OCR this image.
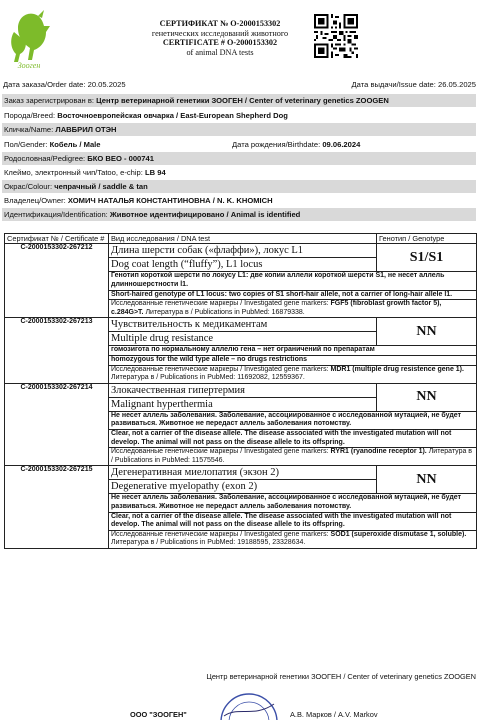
Зооген
СЕРТИФИКАТ № O-2000153302
генетических исследований животного
CERTIFICATE # O-2000153302
of animal DNA tests
Дата заказа/Order date: 20.05.2025	Дата выдачи/Issue date: 26.05.2025
Заказ зарегистрирован в: Центр ветеринарной генетики ЗООГЕН / Center of veterinary genetics ZOOGEN
Порода/Breed: Восточноевропейская овчарка / East-European Shepherd Dog
Кличка/Name: ЛАВБРИЛ ОТЭН
Пол/Gender: Кобель / Male	Дата рождения/Birthdate: 09.06.2024
Родословная/Pedigree: БКО ВЕО - 000741
Клеймо, электронный чип/Tatoo, e-chip: LB 94
Окрас/Colour: чепрачный / saddle & tan
Владелец/Owner: ХОМИЧ НАТАЛЬЯ КОНСТАНТИНОВНА / N. K. KHOMICH
Идентификация/Identification: Животное идентифицировано / Animal is identified
Сертификат № / Certificate #	Вид исследования / DNA test	Генотип / Genotype
C-2000153302-267212	Длина шерсти собак («флаффи»), локус L1	S1/S1
	Dog coat length (“fluffy”), L1 locus	
	Генотип короткой шерсти по локусу L1: две копии аллели короткой шерсти S1, не несет аллель длинношерстности l1.	
	Short-haired genotype of L1 locus: two copies of S1 short-hair allele, not a carrier of long-hair allele l1.	
	Исследованные генетические маркеры / Investigated gene markers: FGF5 (fibroblast growth factor 5), c.284G>T. Литература в / Publications in PubMed: 16879338.	
C-2000153302-267213	Чувствительность к медикаментам	NN
	Multiple drug resistance	
	гомозигота по нормальному аллелю гена – нет ограничений по препаратам	
	homozygous for the wild type allele – no drugs restrictions	
	Исследованные генетические маркеры / Investigated gene markers: MDR1 (multiple drug resistence gene 1). Литература в / Publications in PubMed: 11692082, 12559367.	
C-2000153302-267214	Злокачественная гипертермия	NN
	Malignant hyperthermia	
	Не несет аллель заболевания. Заболевание, ассоциированное с исследованной мутацией, не будет развиваться. Животное не передаст аллель заболевания потомству.	
	Clear, not a carrier of the disease allele. The disease associated with the investigated mutation will not develop. The animal will not pass on the disease allele to its offspring.	
	Исследованные генетические маркеры / Investigated gene markers: RYR1 (ryanodine receptor 1). Литература в / Publications in PubMed: 11575546.	
C-2000153302-267215	Дегенеративная миелопатия (экзон 2)	NN
	Degenerative myelopathy (exon 2)	
	Не несет аллель заболевания. Заболевание, ассоциированное с исследованной мутацией, не будет развиваться. Животное не передаст аллель заболевания потомству.	
	Clear, not a carrier of the disease allele. The disease associated with the investigated mutation will not develop. The animal will not pass on the disease allele to its offspring.	
	Исследованные генетические маркеры / Investigated gene markers: SOD1 (superoxide dismutase 1, soluble). Литература в / Publications in PubMed: 19188595, 23328634.	
Центр ветеринарной генетики ЗООГЕН / Center of veterinary genetics ZOOGEN
ООО "ЗООГЕН"	А.В. Марков / A.V. Markov
